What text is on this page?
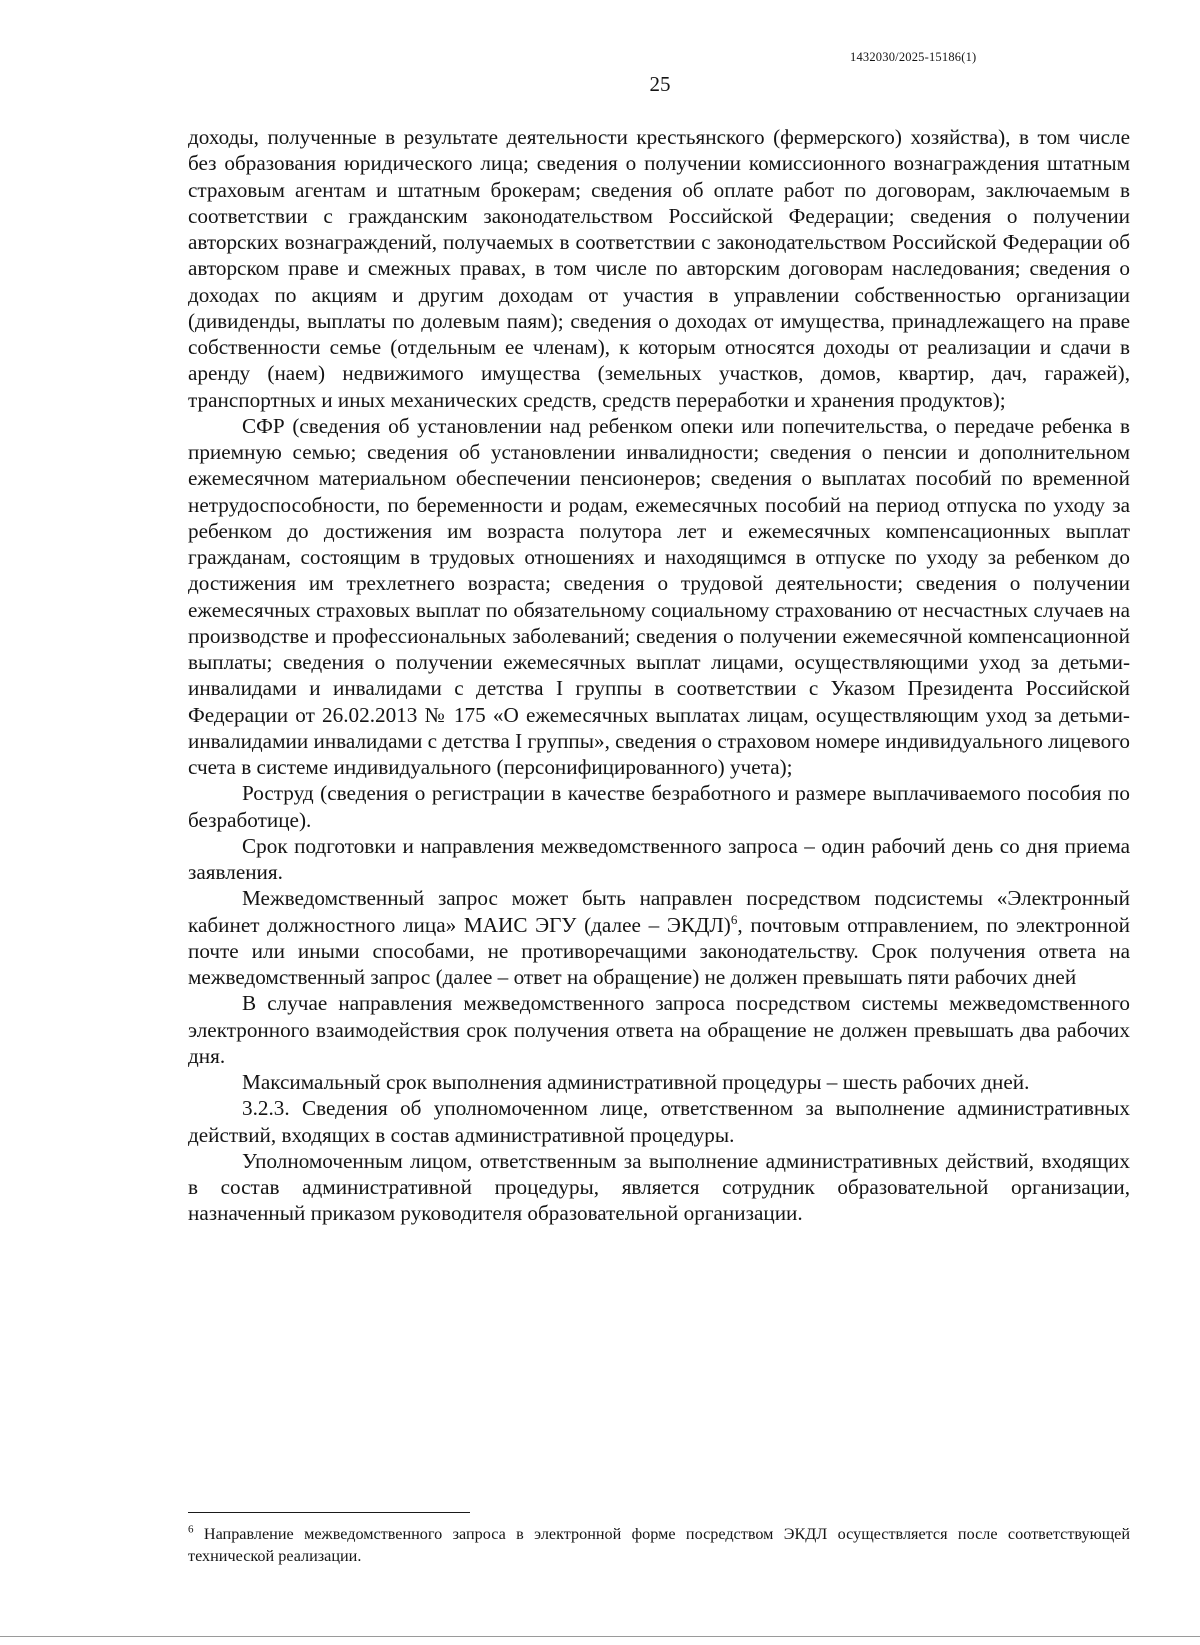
1432030/2025-15186(1)
25

доходы, полученные в результате деятельности крестьянского (фермерского) хозяйства), в том числе без образования юридического лица; сведения о получении комиссионного вознаграждения штатным страховым агентам и штатным брокерам; сведения об оплате работ по договорам, заключаемым в соответствии с гражданским законодательством Российской Федерации; сведения о получении авторских вознаграждений, получаемых в соответствии с законодательством Российской Федерации об авторском праве и смежных правах, в том числе по авторским договорам наследования; сведения о доходах по акциям и другим доходам от участия в управлении собственностью организации (дивиденды, выплаты по долевым паям); сведения о доходах от имущества, принадлежащего на праве собственности семье (отдельным ее членам), к которым относятся доходы от реализации и сдачи в аренду (наем) недвижимого имущества (земельных участков, домов, квартир, дач, гаражей), транспортных и иных механических средств, средств переработки и хранения продуктов);

СФР (сведения об установлении над ребенком опеки или попечительства, о передаче ребенка в приемную семью; сведения об установлении инвалидности; сведения о пенсии и дополнительном ежемесячном материальном обеспечении пенсионеров; сведения о выплатах пособий по временной нетрудоспособности, по беременности и родам, ежемесячных пособий на период отпуска по уходу за ребенком до достижения им возраста полутора лет и ежемесячных компенсационных выплат гражданам, состоящим в трудовых отношениях и находящимся в отпуске по уходу за ребенком до достижения им трехлетнего возраста; сведения о трудовой деятельности; сведения о получении ежемесячных страховых выплат по обязательному социальному страхованию от несчастных случаев на производстве и профессиональных заболеваний; сведения о получении ежемесячной компенсационной выплаты; сведения о получении ежемесячных выплат лицами, осуществляющими уход за детьми-инвалидами и инвалидами с детства I группы в соответствии с Указом Президента Российской Федерации от 26.02.2013 № 175 «О ежемесячных выплатах лицам, осуществляющим уход за детьми-инвалидамии инвалидами с детства I группы», сведения о страховом номере индивидуального лицевого счета в системе индивидуального (персонифицированного) учета);

Роструд (сведения о регистрации в качестве безработного и размере выплачиваемого пособия по безработице).

Срок подготовки и направления межведомственного запроса – один рабочий день со дня приема заявления.

Межведомственный запрос может быть направлен посредством подсистемы «Электронный кабинет должностного лица» МАИС ЭГУ (далее – ЭКДЛ)$^6$, почтовым отправлением, по электронной почте или иными способами, не противоречащими законодательству. Срок получения ответа на межведомственный запрос (далее – ответ на обращение) не должен превышать пяти рабочих дней

В случае направления межведомственного запроса посредством системы межведомственного электронного взаимодействия срок получения ответа на обращение не должен превышать два рабочих дня.

Максимальный срок выполнения административной процедуры – шесть рабочих дней.

3.2.3. Сведения об уполномоченном лице, ответственном за выполнение административных действий, входящих в состав административной процедуры.

Уполномоченным лицом, ответственным за выполнение административных действий, входящих в состав административной процедуры, является сотрудник образовательной организации, назначенный приказом руководителя образовательной организации.

$^6$ Направление межведомственного запроса в электронной форме посредством ЭКДЛ осуществляется после соответствующей технической реализации.
